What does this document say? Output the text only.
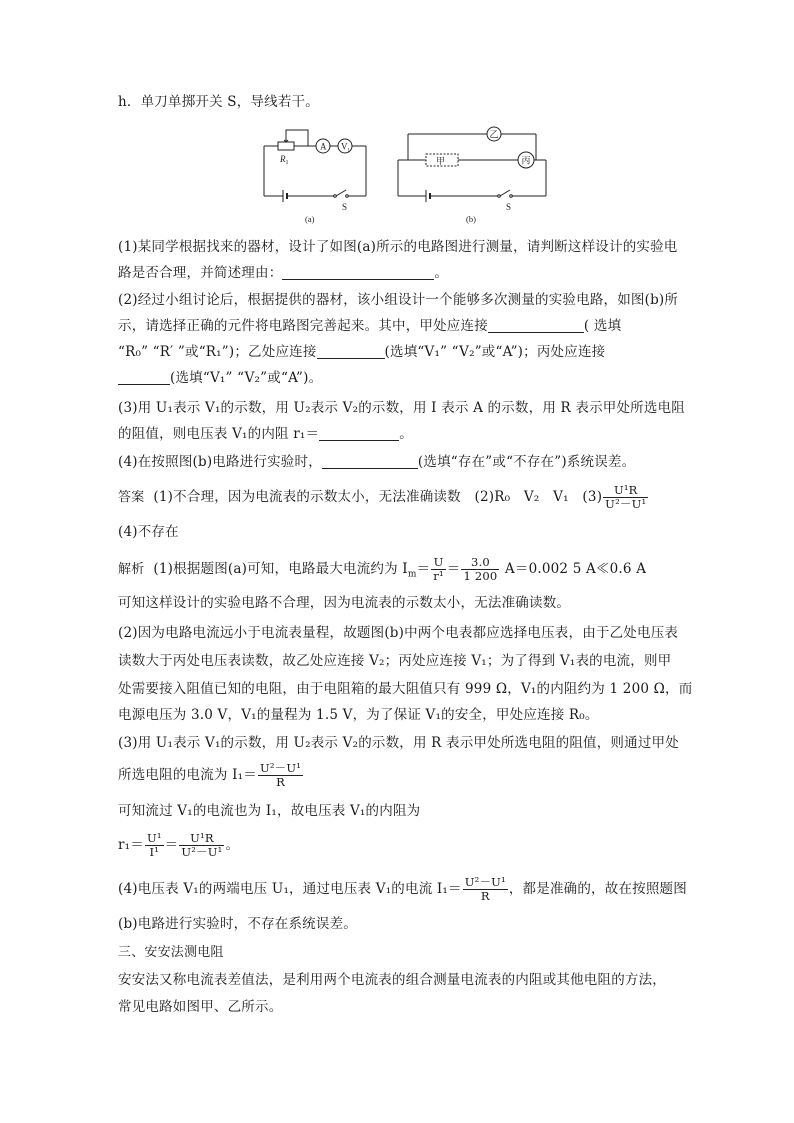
h．单刀单掷开关 S，导线若干。
$R_1$
A $V_1$
S
(a)
甲
乙
丙
S
(b)
(1)某同学根据找来的器材，设计了如图(a)所示的电路图进行测量，请判断这样设计的实验电
路是否合理，并简述理由：	。
(2)经过小组讨论后，根据提供的器材，该小组设计一个能够多次测量的实验电路，如图(b)所
示，请选择正确的元件将电路图完善起来。其中，甲处应连接	( 选填
“R₀” “R′ ”或“R₁”)；乙处应连接	(选填“V₁” “V₂”或“A”)；丙处应连接
(选填“V₁” “V₂”或“A”)。
(3)用 U₁表示 V₁的示数，用 U₂表示 V₂的示数，用 I 表示 A 的示数，用 R 表示甲处所选电阻
的阻值，则电压表 V₁的内阻 r₁＝	。
(4)在按照图(b)电路进行实验时，	(选填“存在”或“不存在”)系统误差。
答案 (1)不合理，因为电流表的示数太小，无法准确读数　(2)R₀　V₂　V₁　$(3) \frac{\text{U¹R}}{\text{U²－U¹}}$
(4)不存在
解析 (1)根据题图(a)可知，电路最大电流约为 $I_m= \frac{U}{\text{r¹}} = \frac{3.0}{1 200} A=0.002$ 5 A≪0.6 A
可知这样设计的实验电路不合理，因为电流表的示数太小，无法准确读数。
(2)因为电路电流远小于电流表量程，故题图(b)中两个电表都应选择电压表，由于乙处电压表
读数大于丙处电压表读数，故乙处应连接 V₂；丙处应连接 V₁；为了得到 V₁表的电流，则甲
处需要接入阻值已知的电阻，由于电阻箱的最大阻值只有 999 Ω，V₁的内阻约为 1 200 Ω，而
电源电压为 3.0 V，V₁的量程为 1.5 V，为了保证 V₁的安全，甲处应连接 R₀。
(3)用 U₁表示 V₁的示数，用 U₂表示 V₂的示数，用 R 表示甲处所选电阻的阻值，则通过甲处
所选电阻的电流为 $I_1= \frac{\text{U²－U¹}}{R}$
可知流过 V₁的电流也为 I₁，故电压表 V₁的内阻为
$r_1= \frac{\text{U¹}}{\text{I¹}} = \frac{\text{U¹R}}{\text{U²－U¹}}$ 。
(4)电压表 V₁的两端电压 U₁，通过电压表 V₁的电流 $I_1= \frac{\text{U²－U¹}}{R}$ ，都是准确的，故在按照题图
(b)电路进行实验时，不存在系统误差。
三、安安法测电阻
安安法又称电流表差值法，是利用两个电流表的组合测量电流表的内阻或其他电阻的方法，
常见电路如图甲、乙所示。
